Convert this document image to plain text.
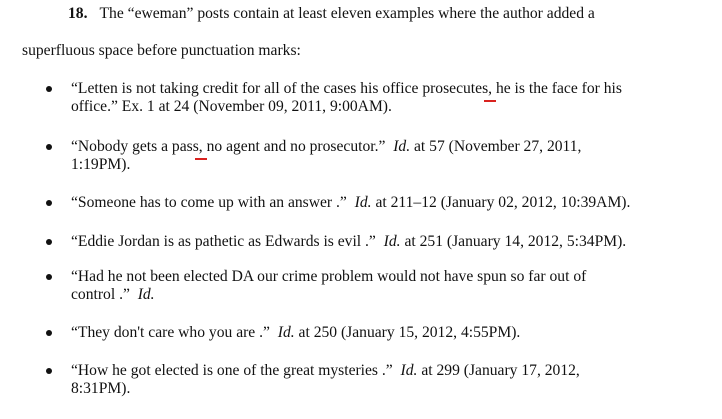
18. The “eweman” posts contain at least eleven examples where the author added a
superfluous space before punctuation marks:
“Letten is not taking credit for all of the cases his office prosecutes, he is the face for his
office.” Ex. 1 at 24 (November 09, 2011, 9:00AM).
“Nobody gets a pass, no agent and no prosecutor.” Id. at 57 (November 27, 2011,
1:19PM).
“Someone has to come up with an answer .” Id. at 211–12 (January 02, 2012, 10:39AM).
“Eddie Jordan is as pathetic as Edwards is evil .” Id. at 251 (January 14, 2012, 5:34PM).
“Had he not been elected DA our crime problem would not have spun so far out of
control .” Id.
“They don't care who you are .” Id. at 250 (January 15, 2012, 4:55PM).
“How he got elected is one of the great mysteries .” Id. at 299 (January 17, 2012,
8:31PM).
